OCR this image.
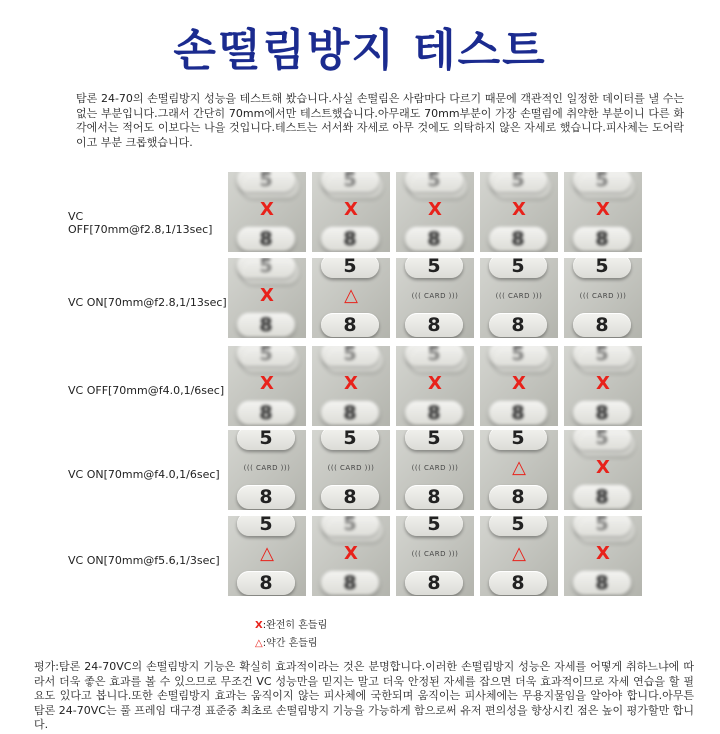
손떨림방지 테스트
탐론 24-70의 손떨림방지 성능을 테스트해 봤습니다.사실 손떨림은 사람마다 다르기 때문에 객관적인 일정한 데이터를 낼 수는 없는 부분입니다.그래서 간단히 70mm에서만 테스트했습니다.아무래도 70mm부분이 가장 손떨림에 취약한 부분이니 다른 화각에서는 적어도 이보다는 나을 것입니다.테스트는 서서쏴 자세로 아무 것에도 의탁하지 않은 자세로 했습니다.피사체는 도어락이고 부분 크롭했습니다.
VC OFF[70mm@f2.8,1/13sec]
VC ON[70mm@f2.8,1/13sec]
VC OFF[70mm@f4.0,1/6sec]
VC ON[70mm@f4.0,1/6sec]
VC ON[70mm@f5.6,1/3sec]
5
8
X
5
8
X
5
8
X
5
8
X
5
8
X
5
8
X
5
8
△
5
((( CARD )))
8
5
((( CARD )))
8
5
((( CARD )))
8
5
8
X
5
8
X
5
8
X
5
8
X
5
8
X
5
((( CARD )))
8
5
((( CARD )))
8
5
((( CARD )))
8
5
8
△
5
8
X
5
8
△
5
8
X
5
((( CARD )))
8
5
8
△
5
8
X
X:완전히 흔들림
△:약간 흔들림
평가:탐론 24-70VC의 손떨림방지 기능은 확실히 효과적이라는 것은 분명합니다.이러한 손떨림방지 성능은 자세를 어떻게 취하느냐에 따라서 더욱 좋은 효과를 볼 수 있으므로 무조건 VC 성능만을 믿지는 말고 더욱 안정된 자세를 잡으면 더욱 효과적이므로 자세 연습을 할 필요도 있다고 봅니다.또한 손떨림방지 효과는 움직이지 않는 피사체에 국한되며 움직이는 피사체에는 무용지물임을 알아야 합니다.아무튼 탐론 24-70VC는 풀 프레임 대구경 표준중 최초로 손떨림방지 기능을 가능하게 함으로써 유저 편의성을 향상시킨 점은 높이 평가할만 합니다.
